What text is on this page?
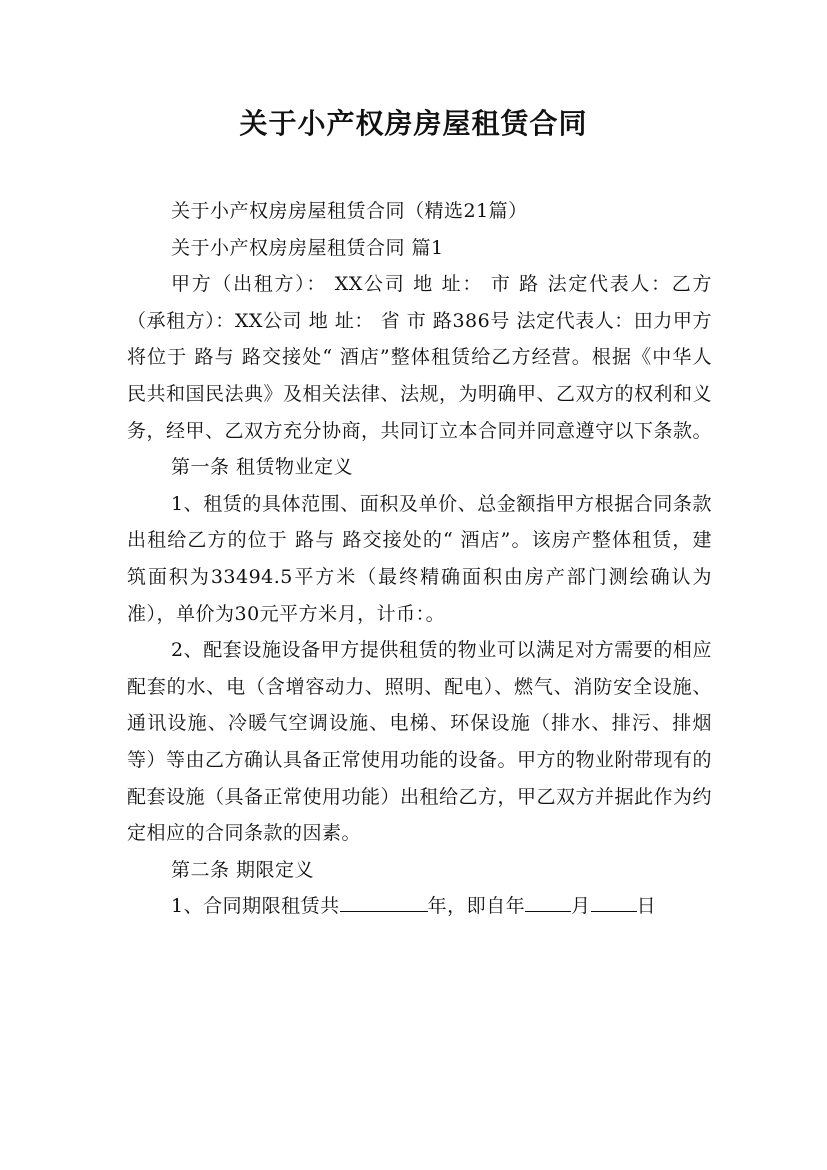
关于小产权房房屋租赁合同

关于小产权房房屋租赁合同（精选21篇）

关于小产权房房屋租赁合同 篇1

甲方（出租方）： XX公司 地 址： 市 路 法定代表人：乙方（承租方）：XX公司 地 址： 省 市 路386号 法定代表人：田力甲方将位于 路与 路交接处“ 酒店”整体租赁给乙方经营。根据《中华人民共和国民法典》及相关法律、法规，为明确甲、乙双方的权利和义务，经甲、乙双方充分协商，共同订立本合同并同意遵守以下条款。

第一条 租赁物业定义

1、租赁的具体范围、面积及单价、总金额指甲方根据合同条款出租给乙方的位于 路与 路交接处的“ 酒店”。该房产整体租赁，建筑面积为33494.5平方米（最终精确面积由房产部门测绘确认为准），单价为30元平方米月，计币：。

2、配套设施设备甲方提供租赁的物业可以满足对方需要的相应配套的水、电（含增容动力、照明、配电）、燃气、消防安全设施、通讯设施、冷暖气空调设施、电梯、环保设施（排水、排污、排烟等）等由乙方确认具备正常使用功能的设备。甲方的物业附带现有的配套设施（具备正常使用功能）出租给乙方，甲乙双方并据此作为约定相应的合同条款的因素。

第二条 期限定义

1、合同期限租赁共	年，即自年 月 日
